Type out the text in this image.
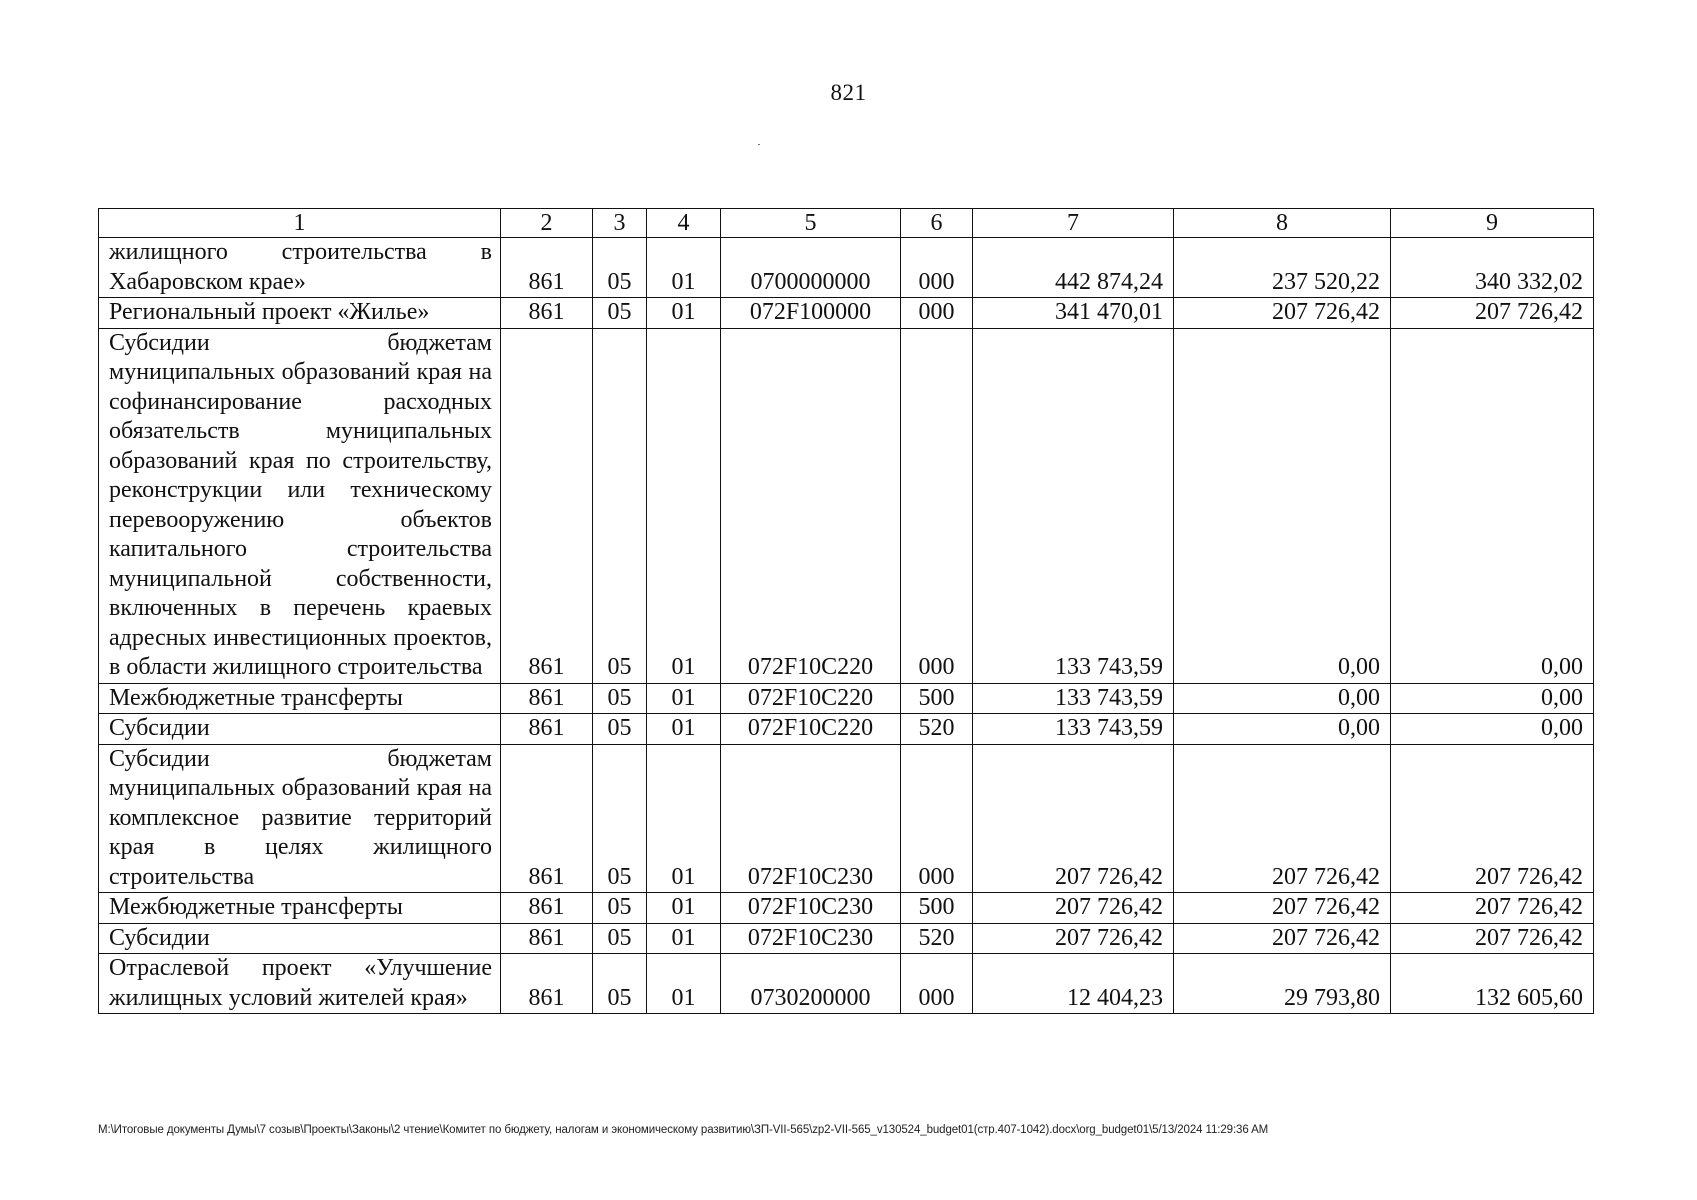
821
1	2	3	4	5	6	7	8	9
жилищного строительства в Хабаровском крае»	861	05	01	0700000000	000	442 874,24	237 520,22	340 332,02
Региональный проект «Жилье»	861	05	01	072F100000	000	341 470,01	207 726,42	207 726,42
Субсидии бюджетам муниципальных образований края на софинансирование расходных обязательств муниципальных образований края по строительству, реконструкции или техническому перевооружению объектов капитального строительства муниципальной собственности, включенных в перечень краевых адресных инвестиционных проектов, в области жилищного строительства	861	05	01	072F10C220	000	133 743,59	0,00	0,00
Межбюджетные трансферты	861	05	01	072F10C220	500	133 743,59	0,00	0,00
Субсидии	861	05	01	072F10C220	520	133 743,59	0,00	0,00
Субсидии бюджетам муниципальных образований края на комплексное развитие территорий края в целях жилищного строительства	861	05	01	072F10C230	000	207 726,42	207 726,42	207 726,42
Межбюджетные трансферты	861	05	01	072F10C230	500	207 726,42	207 726,42	207 726,42
Субсидии	861	05	01	072F10C230	520	207 726,42	207 726,42	207 726,42
Отраслевой проект «Улучшение жилищных условий жителей края»	861	05	01	0730200000	000	12 404,23	29 793,80	132 605,60
M:\Итоговые документы Думы\7 созыв\Проекты\Законы\2 чтение\Комитет по бюджету, налогам и экономическому развитию\ЗП-VII-565\zp2-VII-565_v130524_budget01(стр.407-1042).docx\org_budget01\5/13/2024 11:29:36 AM
